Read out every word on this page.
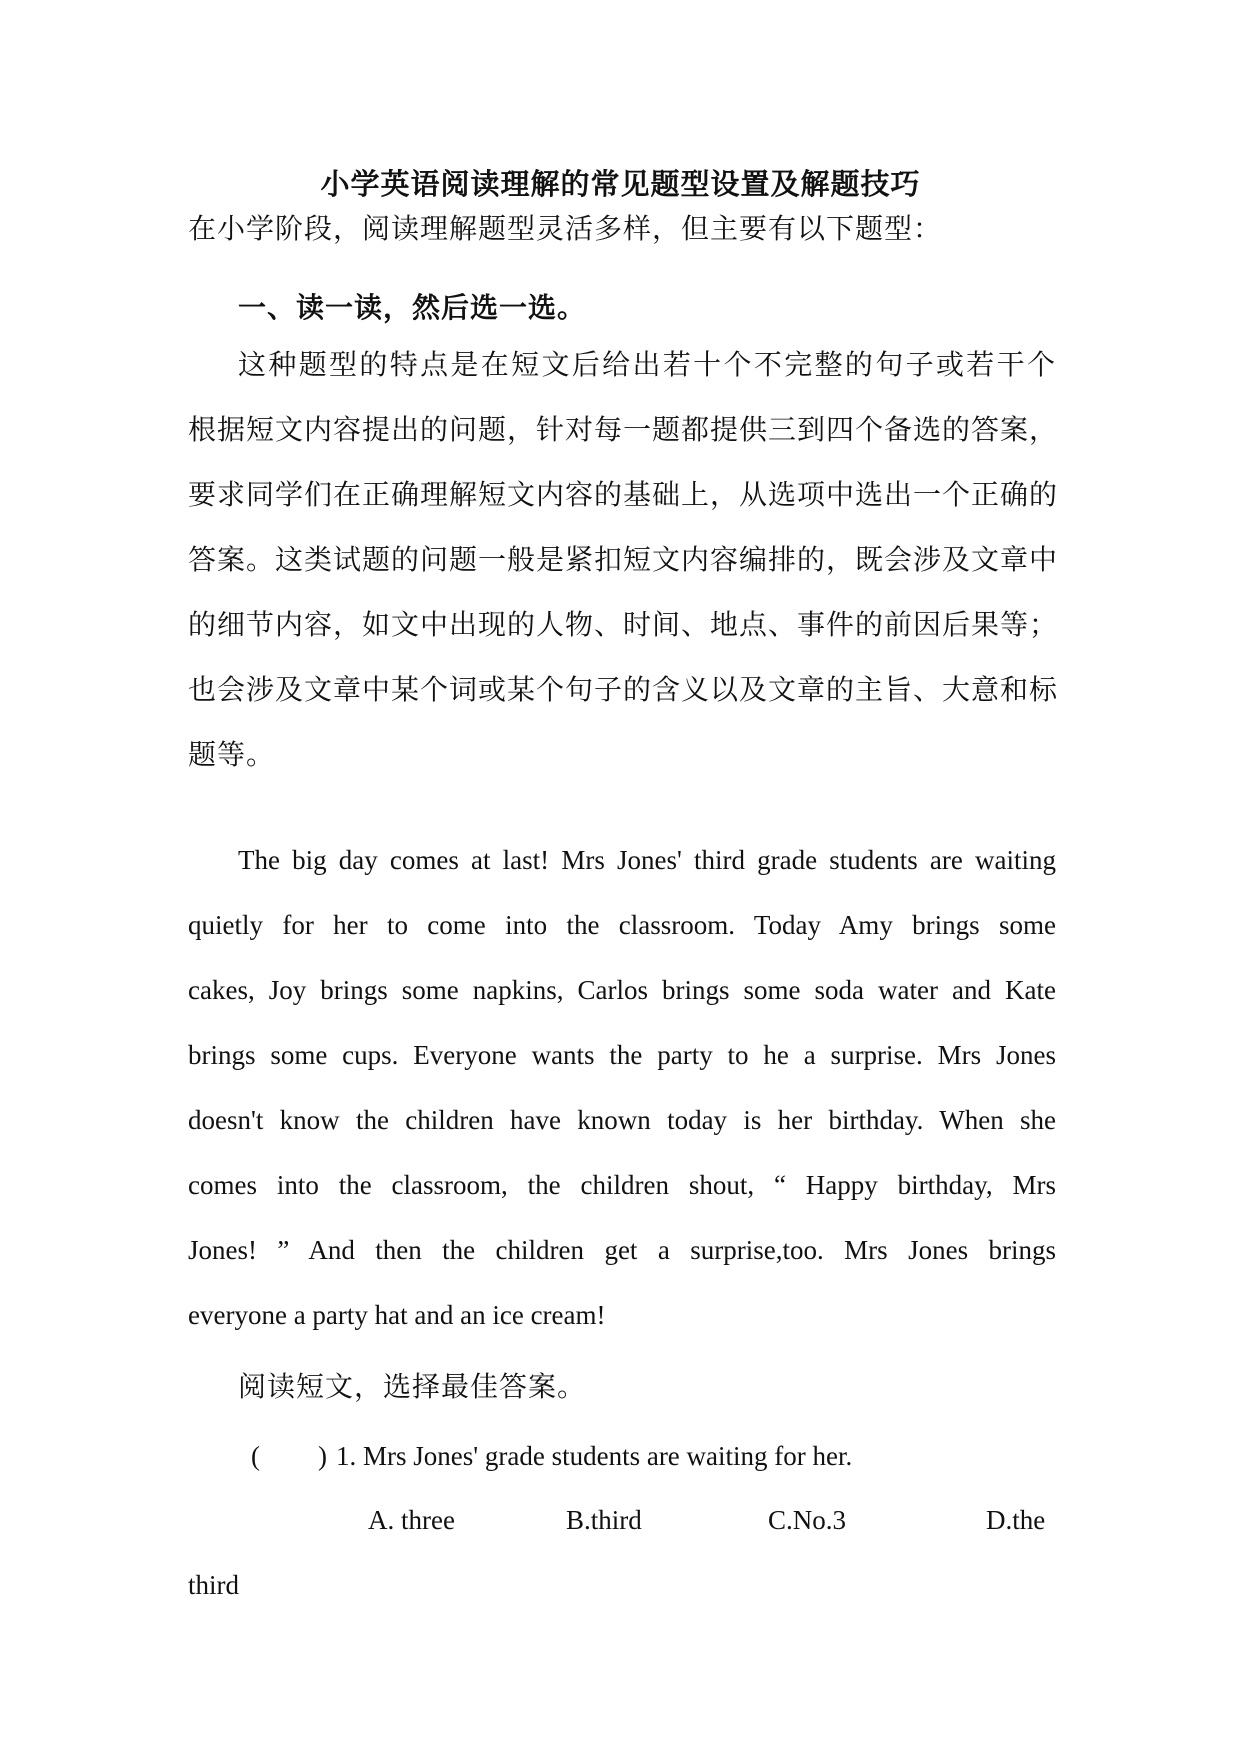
小学英语阅读理解的常见题型设置及解题技巧
在小学阶段，阅读理解题型灵活多样，但主要有以下题型：
一、读一读，然后选一选。
这种题型的特点是在短文后给出若十个不完整的句子或若干个
根据短文内容提出的问题，针对每一题都提供三到四个备选的答案，
要求同学们在正确理解短文内容的基础上，从选项中选出一个正确的
答案。这类试题的问题一般是紧扣短文内容编排的，既会涉及文章中
的细节内容，如文中出现的人物、时间、地点、事件的前因后果等；
也会涉及文章中某个词或某个句子的含义以及文章的主旨、大意和标
题等。
The big day comes at last! Mrs Jones' third grade students are waiting
quietly for her to come into the classroom. Today Amy brings some
cakes, Joy brings some napkins, Carlos brings some soda water and Kate
brings some cups. Everyone wants the party to he a surprise. Mrs Jones
doesn't know the children have known today is her birthday. When she
comes into the classroom, the children shout, “ Happy birthday, Mrs
Jones! ” And then the children get a surprise,too. Mrs Jones brings
everyone a party hat and an ice cream!
阅读短文，选择最佳答案。
( ) 1. Mrs Jones' grade students are waiting for her.
A. three	B.third	C.No.3	D.the
third
